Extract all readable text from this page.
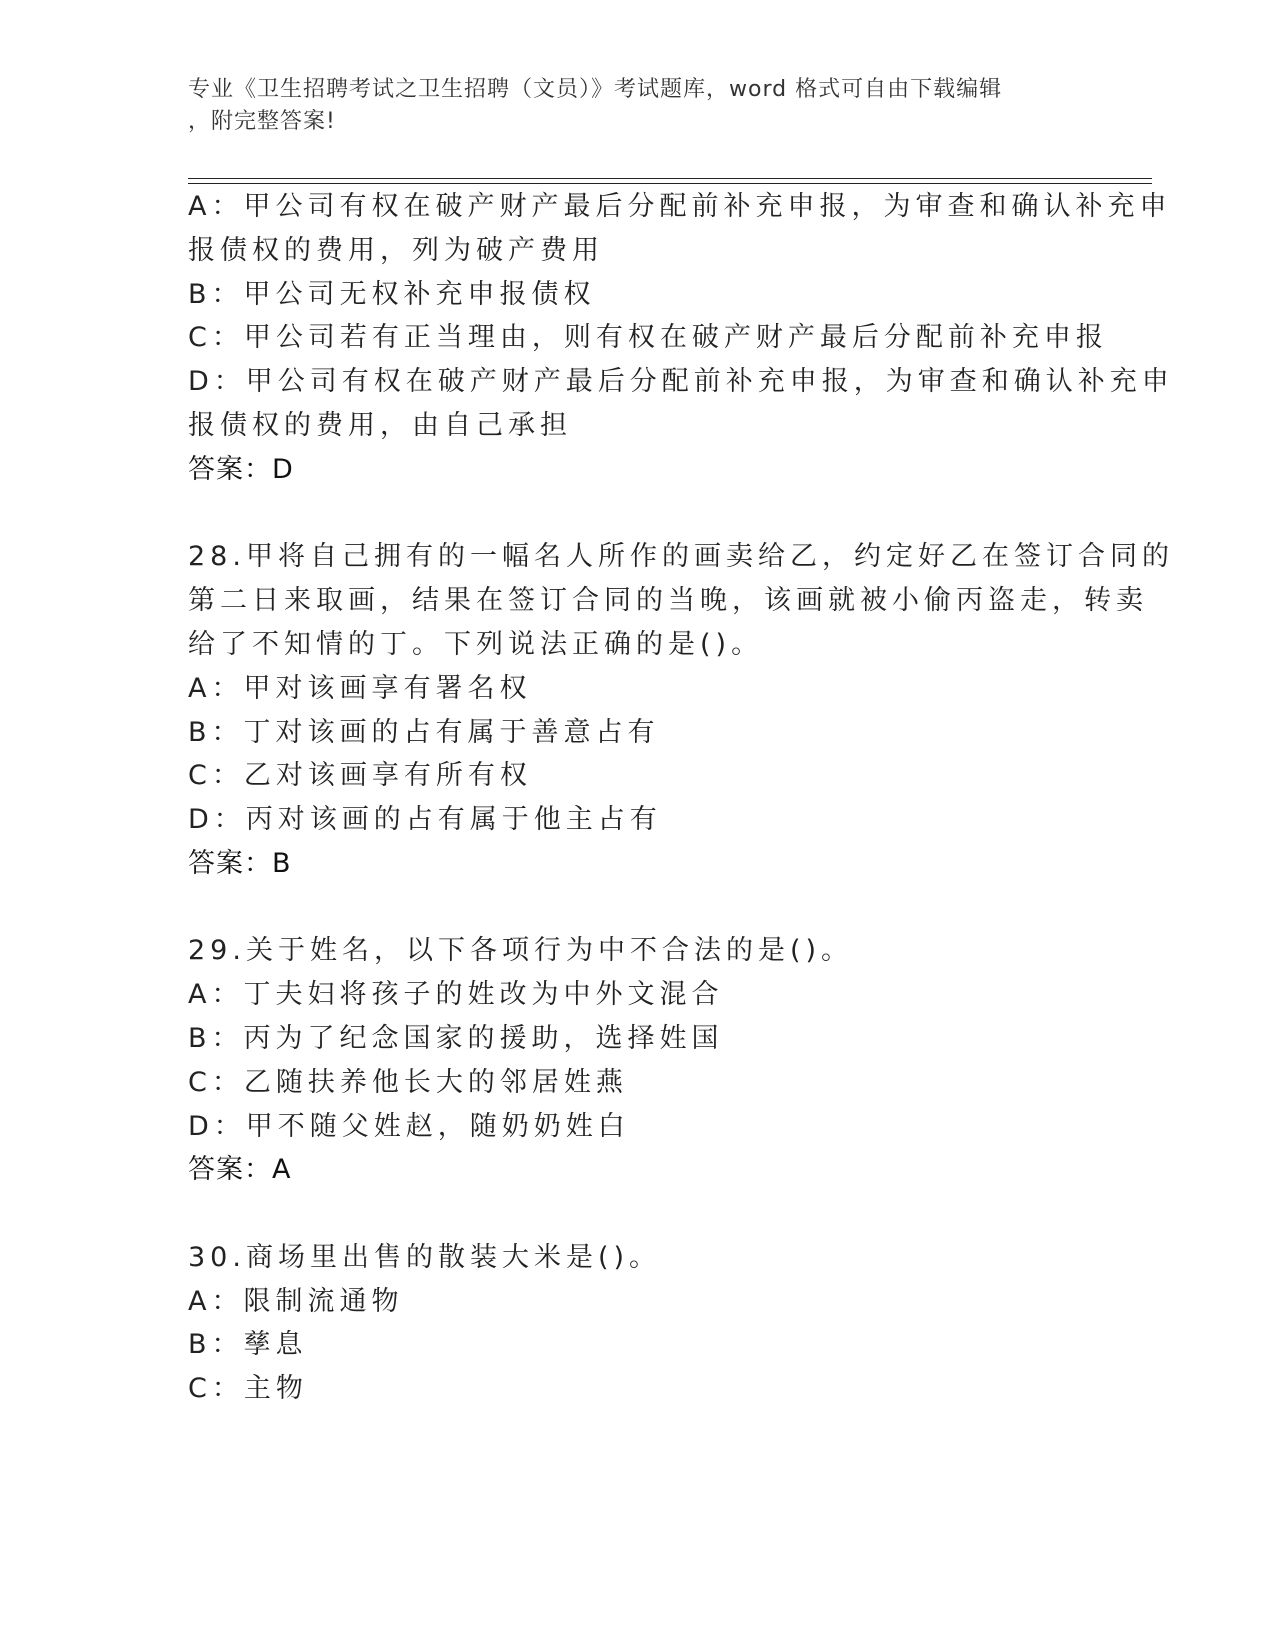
专业《卫生招聘考试之卫生招聘（文员）》考试题库，word 格式可自由下载编辑
，附完整答案!
A：甲公司有权在破产财产最后分配前补充申报，为审查和确认补充申
报债权的费用，列为破产费用
B：甲公司无权补充申报债权
C：甲公司若有正当理由，则有权在破产财产最后分配前补充申报
D：甲公司有权在破产财产最后分配前补充申报，为审查和确认补充申
报债权的费用，由自己承担
答案：D
28.甲将自己拥有的一幅名人所作的画卖给乙，约定好乙在签订合同的
第二日来取画，结果在签订合同的当晚，该画就被小偷丙盗走，转卖
给了不知情的丁。下列说法正确的是()。
A：甲对该画享有署名权
B：丁对该画的占有属于善意占有
C：乙对该画享有所有权
D：丙对该画的占有属于他主占有
答案：B
29.关于姓名，以下各项行为中不合法的是()。
A：丁夫妇将孩子的姓改为中外文混合
B：丙为了纪念国家的援助，选择姓国
C：乙随扶养他长大的邻居姓燕
D：甲不随父姓赵，随奶奶姓白
答案：A
30.商场里出售的散装大米是()。
A：限制流通物
B：孳息
C：主物
